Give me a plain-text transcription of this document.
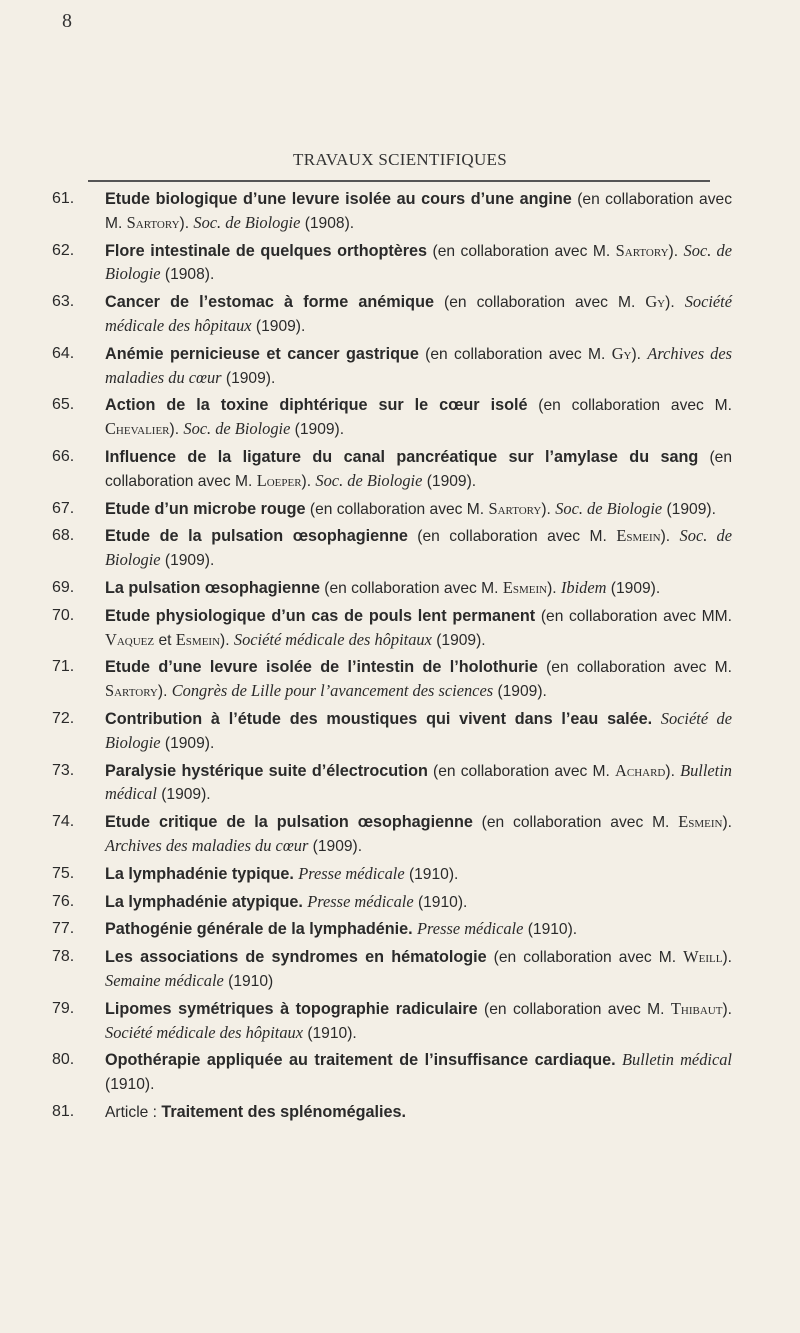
8
TRAVAUX SCIENTIFIQUES
61.	Etude biologique d’une levure isolée au cours d’une angine (en collaboration avec M. Sartory). Soc. de Biologie (1908).
62.	Flore intestinale de quelques orthoptères (en collaboration avec M. Sartory). Soc. de Biologie (1908).
63.	Cancer de l’estomac à forme anémique (en collaboration avec M. Gy). Société médicale des hôpitaux (1909).
64.	Anémie pernicieuse et cancer gastrique (en collaboration avec M. Gy). Archives des maladies du cœur (1909).
65.	Action de la toxine diphtérique sur le cœur isolé (en collaboration avec M. Chevalier). Soc. de Biologie (1909).
66.	Influence de la ligature du canal pancréatique sur l’amylase du sang (en collaboration avec M. Loeper). Soc. de Biologie (1909).
67.	Etude d’un microbe rouge (en collaboration avec M. Sartory). Soc. de Biologie (1909).
68.	Etude de la pulsation œsophagienne (en collaboration avec M. Esmein). Soc. de Biologie (1909).
69.	La pulsation œsophagienne (en collaboration avec M. Esmein). Ibidem (1909).
70.	Etude physiologique d’un cas de pouls lent permanent (en collaboration avec MM. Vaquez et Esmein). Société médicale des hôpitaux (1909).
71.	Etude d’une levure isolée de l’intestin de l’holothurie (en collaboration avec M. Sartory). Congrès de Lille pour l’avancement des sciences (1909).
72.	Contribution à l’étude des moustiques qui vivent dans l’eau salée. Société de Biologie (1909).
73.	Paralysie hystérique suite d’électrocution (en collaboration avec M. Achard). Bulletin médical (1909).
74.	Etude critique de la pulsation œsophagienne (en collaboration avec M. Esmein). Archives des maladies du cœur (1909).
75.	La lymphadénie typique. Presse médicale (1910).
76.	La lymphadénie atypique. Presse médicale (1910).
77.	Pathogénie générale de la lymphadénie. Presse médicale (1910).
78.	Les associations de syndromes en hématologie (en collaboration avec M. Weill). Semaine médicale (1910)
79.	Lipomes symétriques à topographie radiculaire (en collaboration avec M. Thibaut). Société médicale des hôpitaux (1910).
80.	Opothérapie appliquée au traitement de l’insuffisance cardiaque. Bulletin médical (1910).
81.	Article : Traitement des splénomégalies.
